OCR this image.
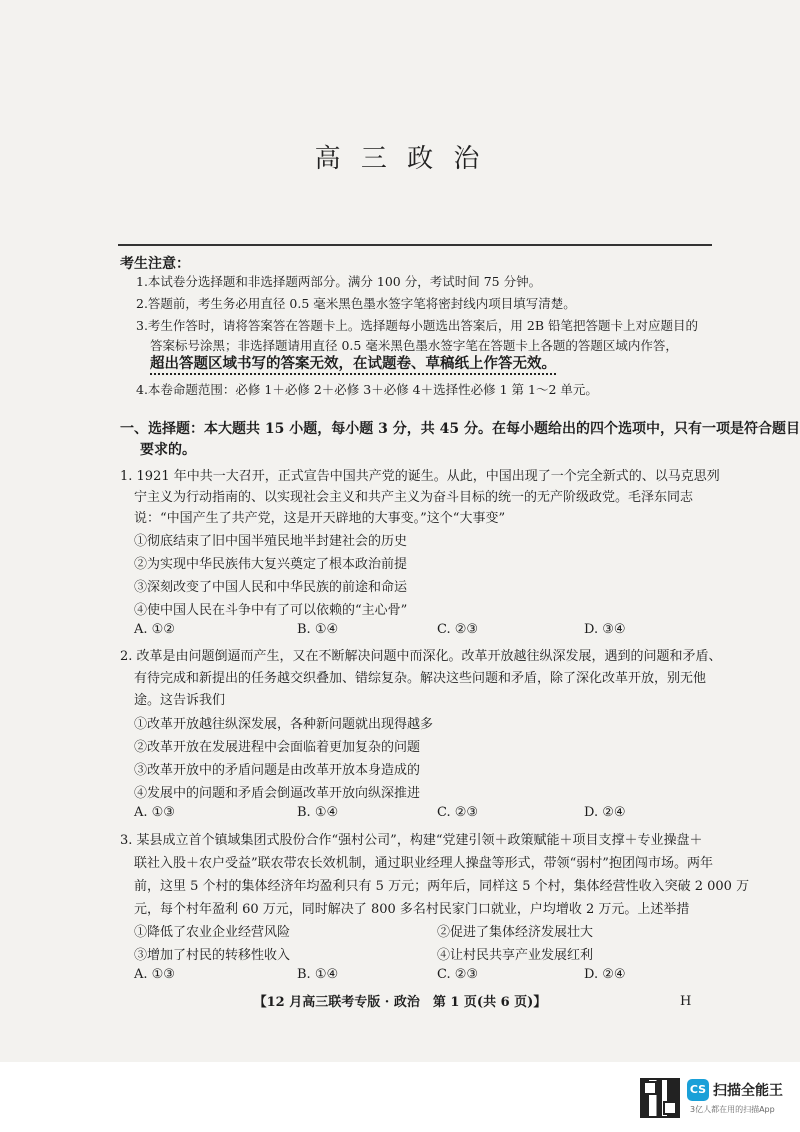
高 三 政 治
考生注意：
1.本试卷分选择题和非选择题两部分。满分 100 分，考试时间 75 分钟。
2.答题前，考生务必用直径 0.5 毫米黑色墨水签字笔将密封线内项目填写清楚。
3.考生作答时，请将答案答在答题卡上。选择题每小题选出答案后，用 2B 铅笔把答题卡上对应题目的
答案标号涂黑；非选择题请用直径 0.5 毫米黑色墨水签字笔在答题卡上各题的答题区域内作答，
超出答题区域书写的答案无效，在试题卷、草稿纸上作答无效。
4.本卷命题范围：必修 1＋必修 2＋必修 3＋必修 4＋选择性必修 1 第 1～2 单元。
一、选择题：本大题共 15 小题，每小题 3 分，共 45 分。在每小题给出的四个选项中，只有一项是符合题目
要求的。
1. 1921 年中共一大召开，正式宣告中国共产党的诞生。从此，中国出现了一个完全新式的、以马克思列
宁主义为行动指南的、以实现社会主义和共产主义为奋斗目标的统一的无产阶级政党。毛泽东同志
说：“中国产生了共产党，这是开天辟地的大事变。”这个“大事变”
①彻底结束了旧中国半殖民地半封建社会的历史
②为实现中华民族伟大复兴奠定了根本政治前提
③深刻改变了中国人民和中华民族的前途和命运
④使中国人民在斗争中有了可以依赖的“主心骨”
A. ①②	B. ①④	C. ②③	D. ③④
2. 改革是由问题倒逼而产生，又在不断解决问题中而深化。改革开放越往纵深发展，遇到的问题和矛盾、
有待完成和新提出的任务越交织叠加、错综复杂。解决这些问题和矛盾，除了深化改革开放，别无他
途。这告诉我们
①改革开放越往纵深发展，各种新问题就出现得越多
②改革开放在发展进程中会面临着更加复杂的问题
③改革开放中的矛盾问题是由改革开放本身造成的
④发展中的问题和矛盾会倒逼改革开放向纵深推进
A. ①③	B. ①④	C. ②③	D. ②④
3. 某县成立首个镇域集团式股份合作“强村公司”，构建“党建引领＋政策赋能＋项目支撑＋专业操盘＋
联社入股＋农户受益”联农带农长效机制，通过职业经理人操盘等形式，带领“弱村”抱团闯市场。两年
前，这里 5 个村的集体经济年均盈利只有 5 万元；两年后，同样这 5 个村，集体经营性收入突破 2 000 万
元，每个村年盈利 60 万元，同时解决了 800 多名村民家门口就业，户均增收 2 万元。上述举措
①降低了农业企业经营风险	②促进了集体经济发展壮大
③增加了村民的转移性收入	④让村民共享产业发展红利
A. ①③	B. ①④	C. ②③	D. ②④
【12 月高三联考专版 · 政治　第 1 页(共 6 页)】	H
CS 扫描全能王
3亿人都在用的扫描App
